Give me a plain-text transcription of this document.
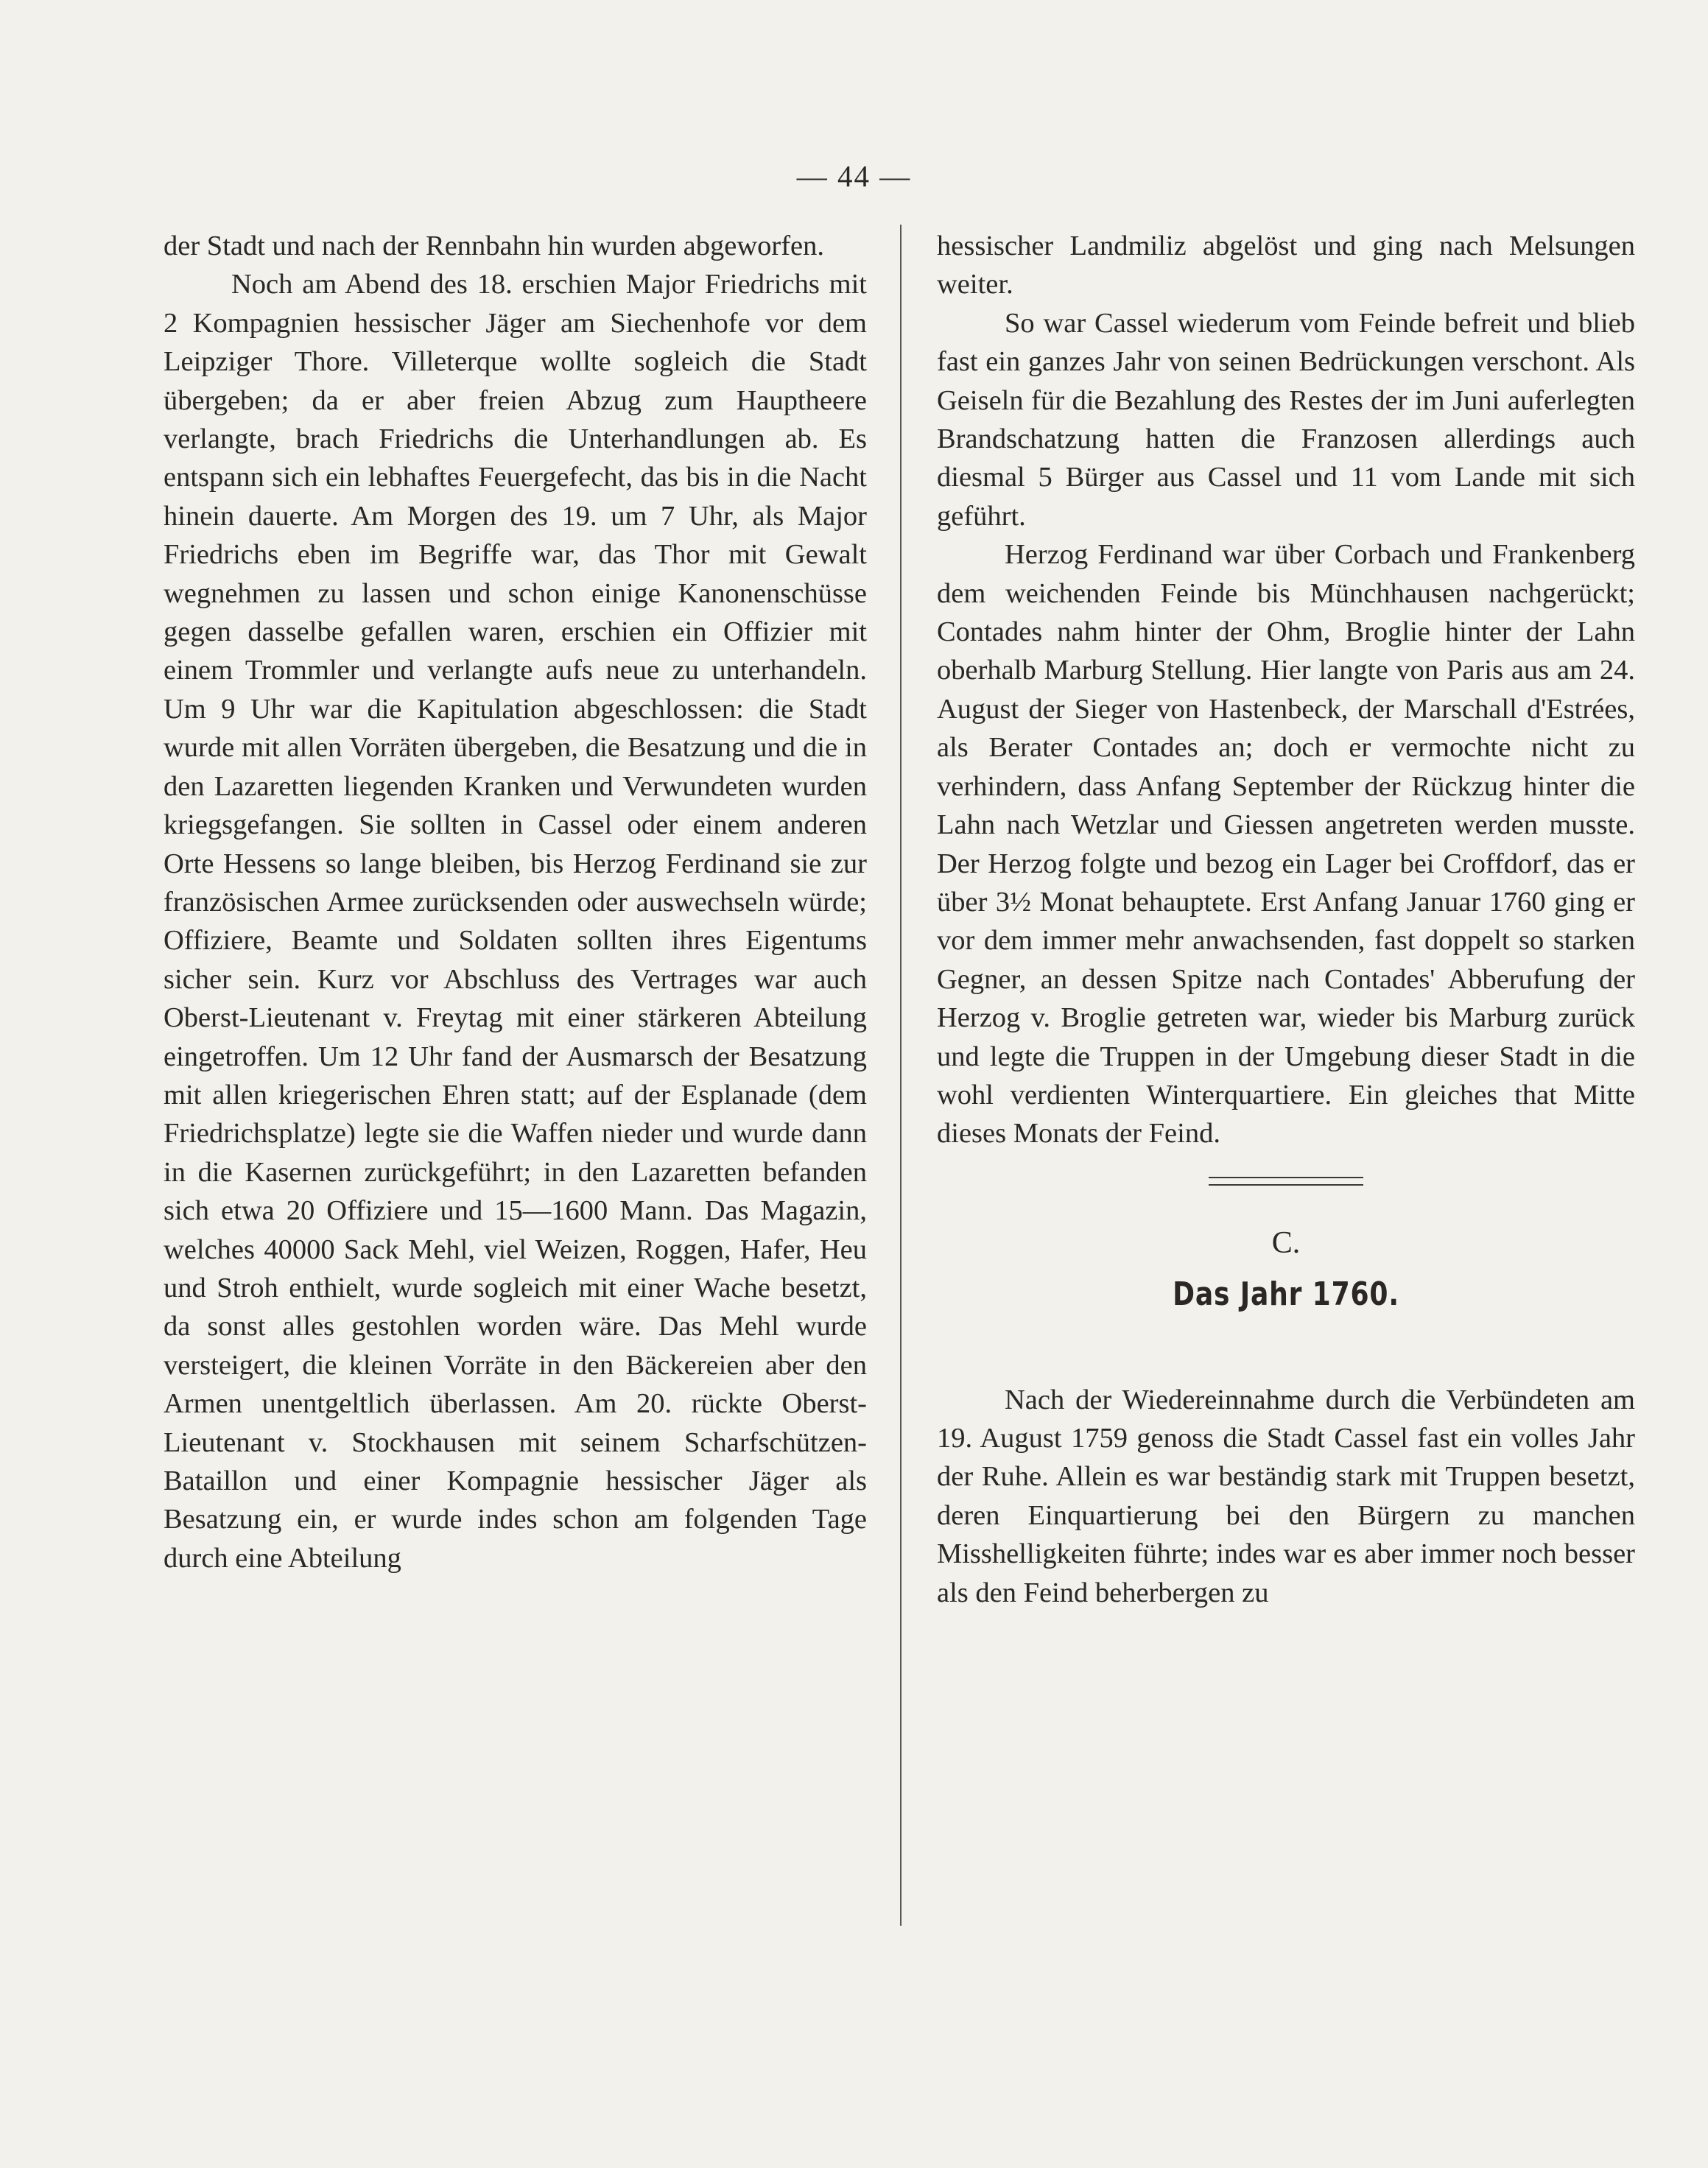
— 44 —

der Stadt und nach der Rennbahn hin wurden abgeworfen.

Noch am Abend des 18. erschien Major Friedrichs mit 2 Kompagnien hessischer Jäger am Siechenhofe vor dem Leipziger Thore. Villeterque wollte sogleich die Stadt übergeben; da er aber freien Abzug zum Hauptheere verlangte, brach Friedrichs die Unterhandlungen ab. Es entspann sich ein lebhaftes Feuergefecht, das bis in die Nacht hinein dauerte. Am Morgen des 19. um 7 Uhr, als Major Friedrichs eben im Begriffe war, das Thor mit Gewalt wegnehmen zu lassen und schon einige Kanonenschüsse gegen dasselbe gefallen waren, erschien ein Offizier mit einem Trommler und verlangte aufs neue zu unterhandeln. Um 9 Uhr war die Kapitulation abgeschlossen: die Stadt wurde mit allen Vorräten übergeben, die Besatzung und die in den Lazaretten liegenden Kranken und Verwundeten wurden kriegsgefangen. Sie sollten in Cassel oder einem anderen Orte Hessens so lange bleiben, bis Herzog Ferdinand sie zur französischen Armee zurücksenden oder auswechseln würde; Offiziere, Beamte und Soldaten sollten ihres Eigentums sicher sein. Kurz vor Abschluss des Vertrages war auch Oberst-Lieutenant v. Freytag mit einer stärkeren Abteilung eingetroffen. Um 12 Uhr fand der Ausmarsch der Besatzung mit allen kriegerischen Ehren statt; auf der Esplanade (dem Friedrichsplatze) legte sie die Waffen nieder und wurde dann in die Kasernen zurückgeführt; in den Lazaretten befanden sich etwa 20 Offiziere und 15—1600 Mann. Das Magazin, welches 40000 Sack Mehl, viel Weizen, Roggen, Hafer, Heu und Stroh enthielt, wurde sogleich mit einer Wache besetzt, da sonst alles gestohlen worden wäre. Das Mehl wurde versteigert, die kleinen Vorräte in den Bäckereien aber den Armen unentgeltlich überlassen. Am 20. rückte Oberst-Lieutenant v. Stockhausen mit seinem Scharfschützen-Bataillon und einer Kompagnie hessischer Jäger als Besatzung ein, er wurde indes schon am folgenden Tage durch eine Abteilung

hessischer Landmiliz abgelöst und ging nach Melsungen weiter.

So war Cassel wiederum vom Feinde befreit und blieb fast ein ganzes Jahr von seinen Bedrückungen verschont. Als Geiseln für die Bezahlung des Restes der im Juni auferlegten Brandschatzung hatten die Franzosen allerdings auch diesmal 5 Bürger aus Cassel und 11 vom Lande mit sich geführt.

Herzog Ferdinand war über Corbach und Frankenberg dem weichenden Feinde bis Münchhausen nachgerückt; Contades nahm hinter der Ohm, Broglie hinter der Lahn oberhalb Marburg Stellung. Hier langte von Paris aus am 24. August der Sieger von Hastenbeck, der Marschall d'Estrées, als Berater Contades an; doch er vermochte nicht zu verhindern, dass Anfang September der Rückzug hinter die Lahn nach Wetzlar und Giessen angetreten werden musste. Der Herzog folgte und bezog ein Lager bei Croffdorf, das er über 3½ Monat behauptete. Erst Anfang Januar 1760 ging er vor dem immer mehr anwachsenden, fast doppelt so starken Gegner, an dessen Spitze nach Contades' Abberufung der Herzog v. Broglie getreten war, wieder bis Marburg zurück und legte die Truppen in der Umgebung dieser Stadt in die wohl verdienten Winterquartiere. Ein gleiches that Mitte dieses Monats der Feind.

C.
Das Jahr 1760.

Nach der Wiedereinnahme durch die Verbündeten am 19. August 1759 genoss die Stadt Cassel fast ein volles Jahr der Ruhe. Allein es war beständig stark mit Truppen besetzt, deren Einquartierung bei den Bürgern zu manchen Misshelligkeiten führte; indes war es aber immer noch besser als den Feind beherbergen zu
